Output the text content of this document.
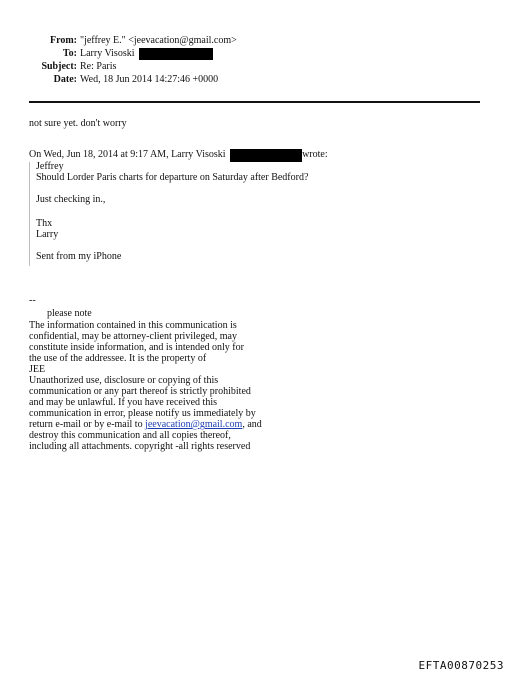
From: "jeffrey E." <jeevacation@gmail.com>
To: Larry Visoski
Subject: Re: Paris
Date: Wed, 18 Jun 2014 14:27:46 +0000
not sure yet. don't worry
On Wed, Jun 18, 2014 at 9:17 AM, Larry Visoski	wrote:
Jeffrey
Should Lorder Paris charts for departure on Saturday after Bedford?
Just checking in.,
Thx
Larry
Sent from my iPhone
--
please note
The information contained in this communication is
confidential, may be attorney-client privileged, may
constitute inside information, and is intended only for
the use of the addressee. It is the property of
JEE
Unauthorized use, disclosure or copying of this
communication or any part thereof is strictly prohibited
and may be unlawful. If you have received this
communication in error, please notify us immediately by
return e-mail or by e-mail to jeevacation@gmail.com, and
destroy this communication and all copies thereof,
including all attachments. copyright -all rights reserved
EFTA00870253
